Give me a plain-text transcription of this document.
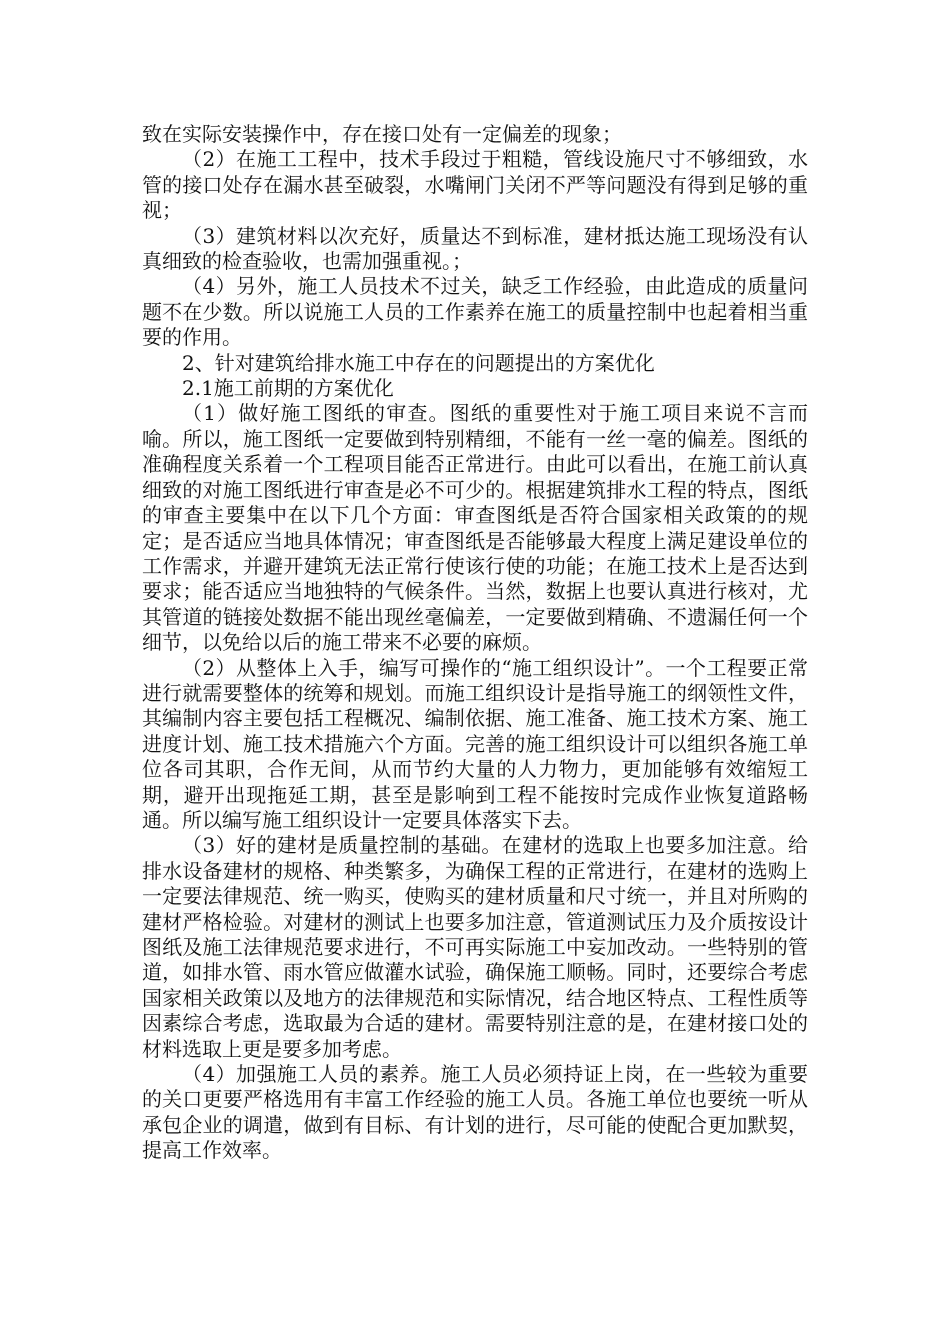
致在实际安装操作中，存在接口处有一定偏差的现象；

（2）在施工工程中，技术手段过于粗糙，管线设施尺寸不够细致，水管的接口处存在漏水甚至破裂，水嘴闸门关闭不严等问题没有得到足够的重视；

（3）建筑材料以次充好，质量达不到标准，建材抵达施工现场没有认真细致的检查验收，也需加强重视。；

（4）另外，施工人员技术不过关，缺乏工作经验，由此造成的质量问题不在少数。所以说施工人员的工作素养在施工的质量控制中也起着相当重要的作用。

2、针对建筑给排水施工中存在的问题提出的方案优化

2.1施工前期的方案优化

（1）做好施工图纸的审查。图纸的重要性对于施工项目来说不言而喻。所以，施工图纸一定要做到特别精细，不能有一丝一毫的偏差。图纸的准确程度关系着一个工程项目能否正常进行。由此可以看出，在施工前认真细致的对施工图纸进行审查是必不可少的。根据建筑排水工程的特点，图纸的审查主要集中在以下几个方面：审查图纸是否符合国家相关政策的的规定；是否适应当地具体情况；审查图纸是否能够最大程度上满足建设单位的工作需求，并避开建筑无法正常行使该行使的功能；在施工技术上是否达到要求；能否适应当地独特的气候条件。当然，数据上也要认真进行核对，尤其管道的链接处数据不能出现丝毫偏差，一定要做到精确、不遗漏任何一个细节，以免给以后的施工带来不必要的麻烦。

（2）从整体上入手，编写可操作的“施工组织设计”。一个工程要正常进行就需要整体的统筹和规划。而施工组织设计是指导施工的纲领性文件，其编制内容主要包括工程概况、编制依据、施工准备、施工技术方案、施工进度计划、施工技术措施六个方面。完善的施工组织设计可以组织各施工单位各司其职，合作无间，从而节约大量的人力物力，更加能够有效缩短工期，避开出现拖延工期，甚至是影响到工程不能按时完成作业恢复道路畅通。所以编写施工组织设计一定要具体落实下去。

（3）好的建材是质量控制的基础。在建材的选取上也要多加注意。给排水设备建材的规格、种类繁多，为确保工程的正常进行，在建材的选购上一定要法律规范、统一购买，使购买的建材质量和尺寸统一，并且对所购的建材严格检验。对建材的测试上也要多加注意，管道测试压力及介质按设计图纸及施工法律规范要求进行，不可再实际施工中妄加改动。一些特别的管道，如排水管、雨水管应做灌水试验，确保施工顺畅。同时，还要综合考虑国家相关政策以及地方的法律规范和实际情况，结合地区特点、工程性质等因素综合考虑，选取最为合适的建材。需要特别注意的是，在建材接口处的材料选取上更是要多加考虑。

（4）加强施工人员的素养。施工人员必须持证上岗，在一些较为重要的关口更要严格选用有丰富工作经验的施工人员。各施工单位也要统一听从承包企业的调遣，做到有目标、有计划的进行，尽可能的使配合更加默契，提高工作效率。
